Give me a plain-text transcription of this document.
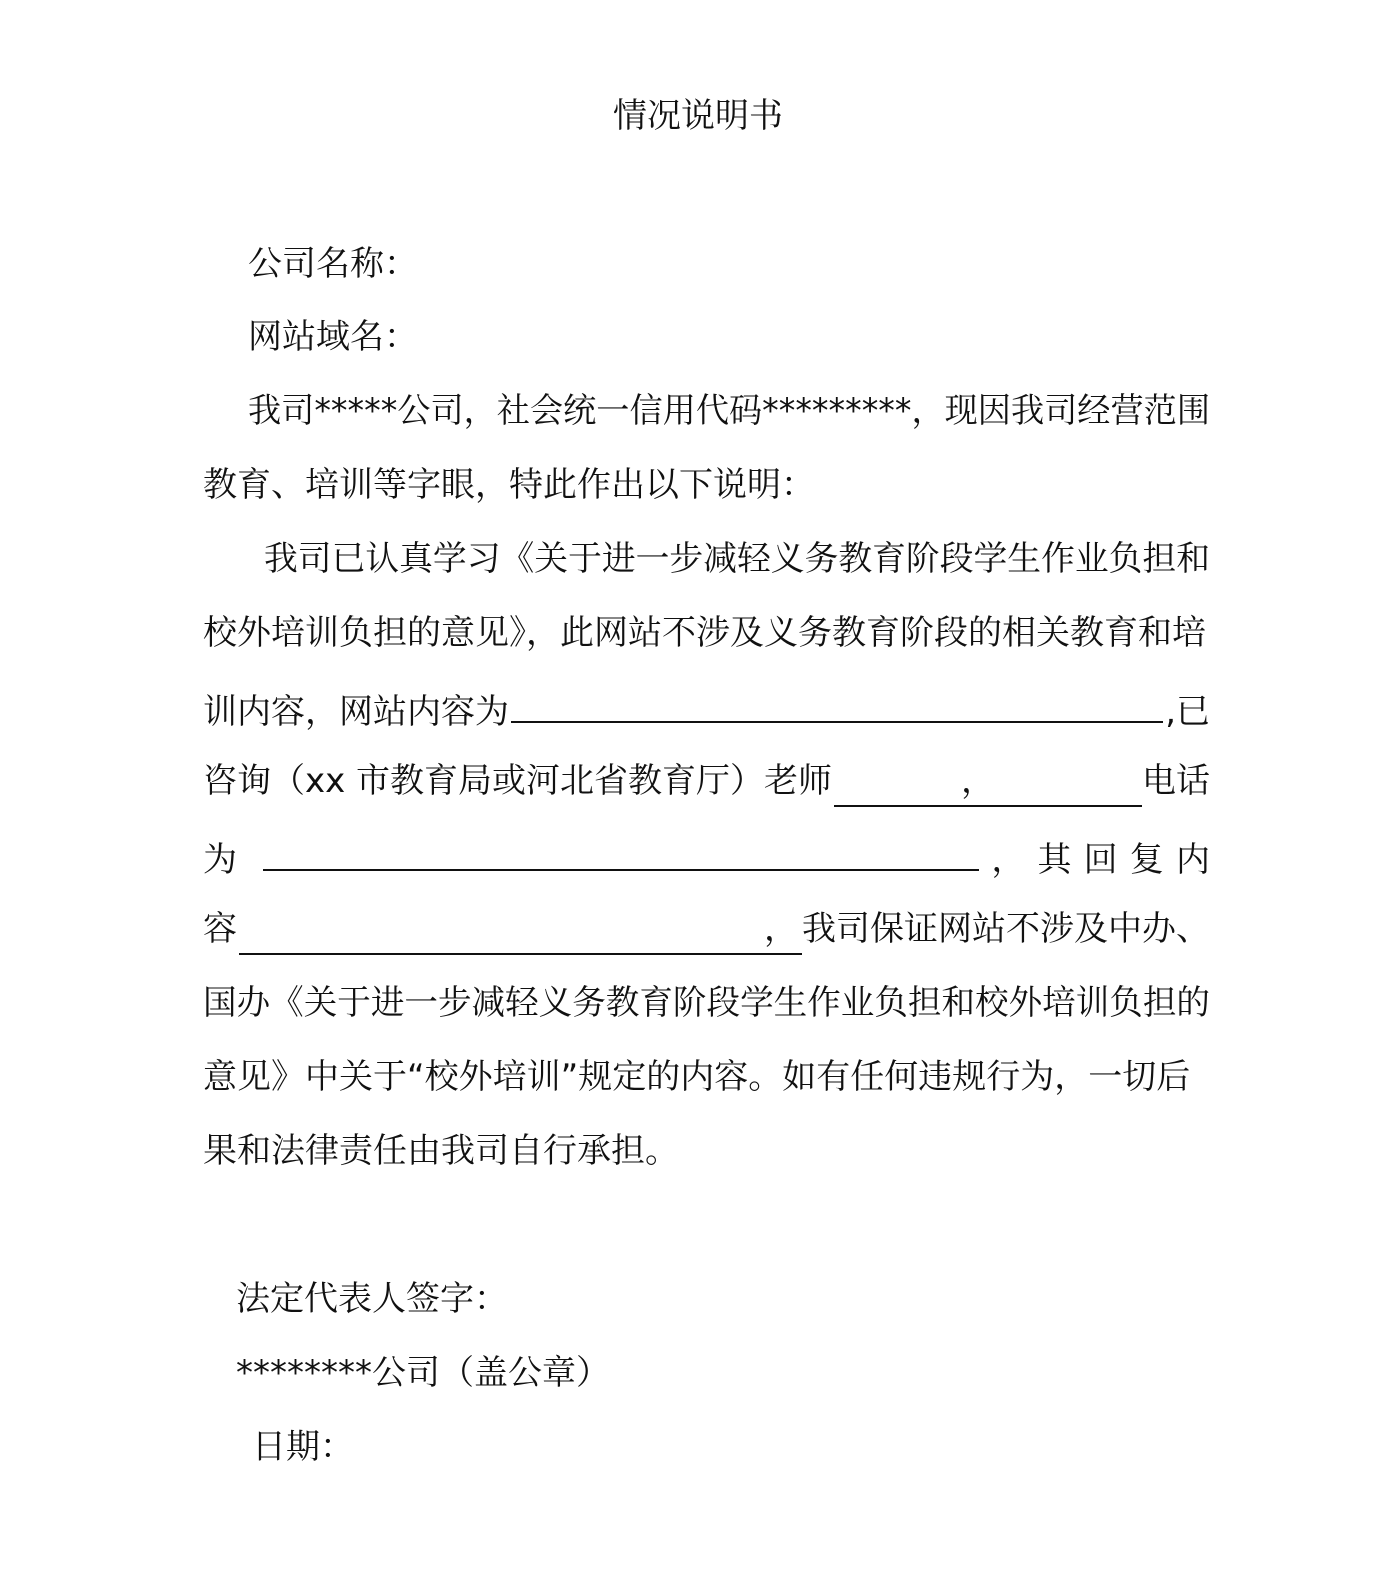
情况说明书
公司名称：
网站域名：
我司*****公司，社会统一信用代码*********，现因我司经营范围
教育、培训等字眼，特此作出以下说明：
我司已认真学习《关于进一步减轻义务教育阶段学生作业负担和
校外培训负担的意见》，此网站不涉及义务教育阶段的相关教育和培
训内容，网站内容为	,已
咨询（xx 市教育局或河北省教育厅）老师	，	电话
为	， 其 回 复 内
容	， 我司保证网站不涉及中办、
国办《关于进一步减轻义务教育阶段学生作业负担和校外培训负担的
意见》中关于“校外培训”规定的内容。如有任何违规行为，一切后
果和法律责任由我司自行承担。
法定代表人签字：
********公司（盖公章）
日期：
